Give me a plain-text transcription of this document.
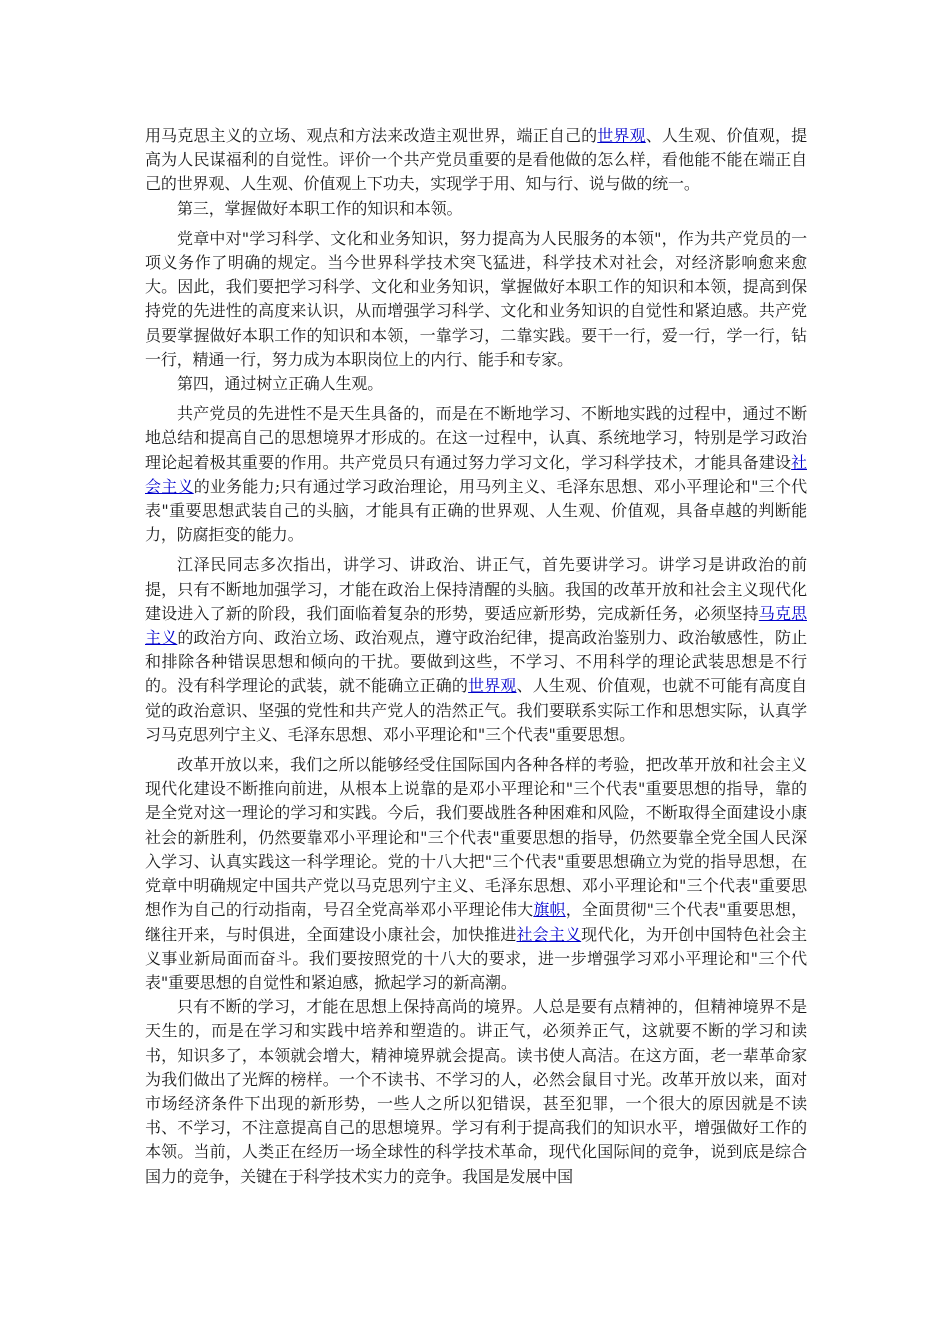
用马克思主义的立场、观点和方法来改造主观世界，端正自己的世界观、人生观、价值观，提高为人民谋福利的自觉性。评价一个共产党员重要的是看他做的怎么样，看他能不能在端正自己的世界观、人生观、价值观上下功夫，实现学于用、知与行、说与做的统一。

第三，掌握做好本职工作的知识和本领。

党章中对"学习科学、文化和业务知识，努力提高为人民服务的本领"，作为共产党员的一项义务作了明确的规定。当今世界科学技术突飞猛进，科学技术对社会，对经济影响愈来愈大。因此，我们要把学习科学、文化和业务知识，掌握做好本职工作的知识和本领，提高到保持党的先进性的高度来认识，从而增强学习科学、文化和业务知识的自觉性和紧迫感。共产党员要掌握做好本职工作的知识和本领，一靠学习，二靠实践。要干一行，爱一行，学一行，钻一行，精通一行，努力成为本职岗位上的内行、能手和专家。

第四，通过树立正确人生观。

共产党员的先进性不是天生具备的，而是在不断地学习、不断地实践的过程中，通过不断地总结和提高自己的思想境界才形成的。在这一过程中，认真、系统地学习，特别是学习政治理论起着极其重要的作用。共产党员只有通过努力学习文化，学习科学技术，才能具备建设社会主义的业务能力;只有通过学习政治理论，用马列主义、毛泽东思想、邓小平理论和"三个代表"重要思想武装自己的头脑，才能具有正确的世界观、人生观、价值观，具备卓越的判断能力，防腐拒变的能力。

江泽民同志多次指出，讲学习、讲政治、讲正气，首先要讲学习。讲学习是讲政治的前提，只有不断地加强学习，才能在政治上保持清醒的头脑。我国的改革开放和社会主义现代化建设进入了新的阶段，我们面临着复杂的形势，要适应新形势，完成新任务，必须坚持马克思主义的政治方向、政治立场、政治观点，遵守政治纪律，提高政治鉴别力、政治敏感性，防止和排除各种错误思想和倾向的干扰。要做到这些，不学习、不用科学的理论武装思想是不行的。没有科学理论的武装，就不能确立正确的世界观、人生观、价值观，也就不可能有高度自觉的政治意识、坚强的党性和共产党人的浩然正气。我们要联系实际工作和思想实际，认真学习马克思列宁主义、毛泽东思想、邓小平理论和"三个代表"重要思想。

改革开放以来，我们之所以能够经受住国际国内各种各样的考验，把改革开放和社会主义现代化建设不断推向前进，从根本上说靠的是邓小平理论和"三个代表"重要思想的指导，靠的是全党对这一理论的学习和实践。今后，我们要战胜各种困难和风险，不断取得全面建设小康社会的新胜利，仍然要靠邓小平理论和"三个代表"重要思想的指导，仍然要靠全党全国人民深入学习、认真实践这一科学理论。党的十八大把"三个代表"重要思想确立为党的指导思想，在党章中明确规定中国共产党以马克思列宁主义、毛泽东思想、邓小平理论和"三个代表"重要思想作为自己的行动指南，号召全党高举邓小平理论伟大旗帜，全面贯彻"三个代表"重要思想，继往开来，与时俱进，全面建设小康社会，加快推进社会主义现代化，为开创中国特色社会主义事业新局面而奋斗。我们要按照党的十八大的要求，进一步增强学习邓小平理论和"三个代表"重要思想的自觉性和紧迫感，掀起学习的新高潮。

只有不断的学习，才能在思想上保持高尚的境界。人总是要有点精神的，但精神境界不是天生的，而是在学习和实践中培养和塑造的。讲正气，必须养正气，这就要不断的学习和读书，知识多了，本领就会增大，精神境界就会提高。读书使人高洁。在这方面，老一辈革命家为我们做出了光辉的榜样。一个不读书、不学习的人，必然会鼠目寸光。改革开放以来，面对市场经济条件下出现的新形势，一些人之所以犯错误，甚至犯罪，一个很大的原因就是不读书、不学习，不注意提高自己的思想境界。学习有利于提高我们的知识水平，增强做好工作的本领。当前，人类正在经历一场全球性的科学技术革命，现代化国际间的竞争，说到底是综合国力的竞争，关键在于科学技术实力的竞争。我国是发展中国
